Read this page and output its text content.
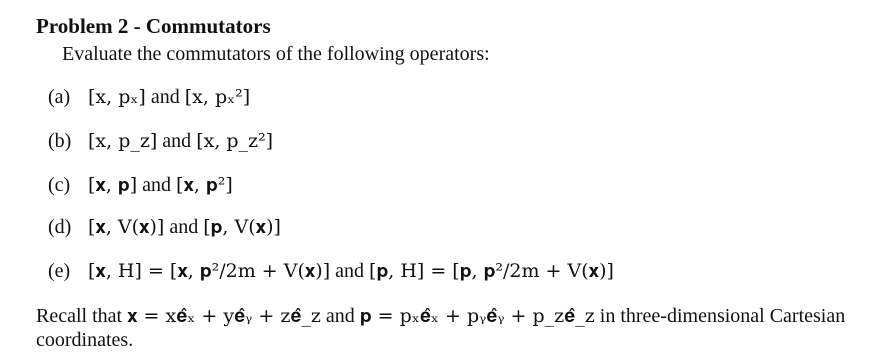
Problem 2 - Commutators
Evaluate the commutators of the following operators:
(a) [x, pₓ]
and
[x, pₓ²]
(b) [x, p_z]
and
[x, p_z²]
(c) [𝐱, 𝐩]
and
[𝐱, 𝐩²]
(d) [𝐱, V(𝐱)]
and
[𝐩, V(𝐱)]
(e) [𝐱, H] = [𝐱, 𝐩²/2m + V(𝐱)]
and
[𝐩, H] = [𝐩, 𝐩²/2m + V(𝐱)]
Recall that 𝐱 = x𝐞̂ₓ + y𝐞̂ᵧ + z𝐞̂_z and 𝐩 = pₓ𝐞̂ₓ + pᵧ𝐞̂ᵧ + p_z𝐞̂_z in three-dimensional Cartesian coordinates.
